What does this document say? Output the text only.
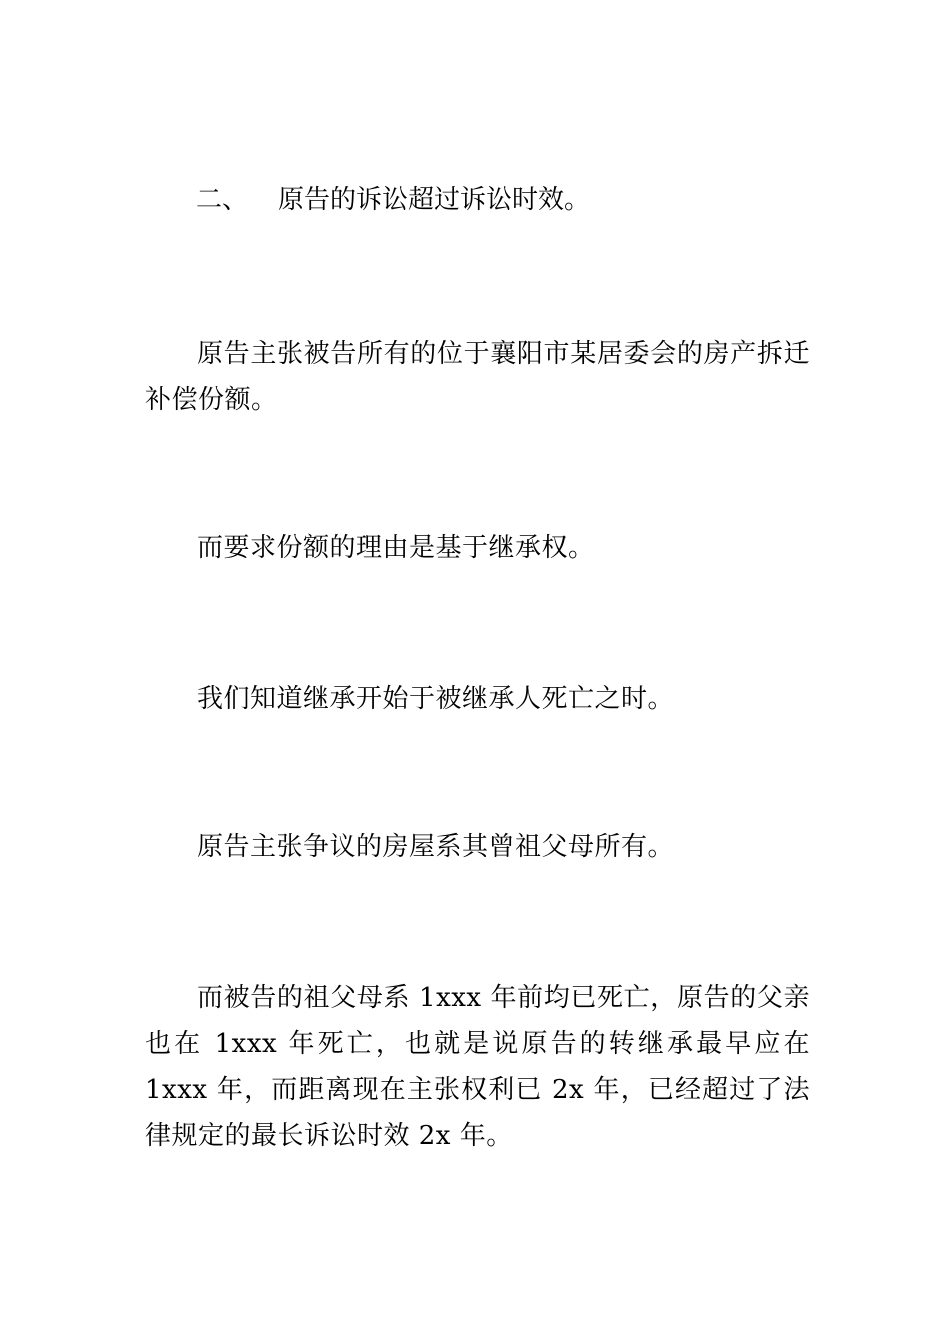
二、 原告的诉讼超过诉讼时效。

原告主张被告所有的位于襄阳市某居委会的房产拆迁补偿份额。

而要求份额的理由是基于继承权。

我们知道继承开始于被继承人死亡之时。

原告主张争议的房屋系其曾祖父母所有。

而被告的祖父母系 1xxx 年前均已死亡，原告的父亲也在 1xxx 年死亡，也就是说原告的转继承最早应在 1xxx 年，而距离现在主张权利已 2x 年，已经超过了法律规定的最长诉讼时效 2x 年。
